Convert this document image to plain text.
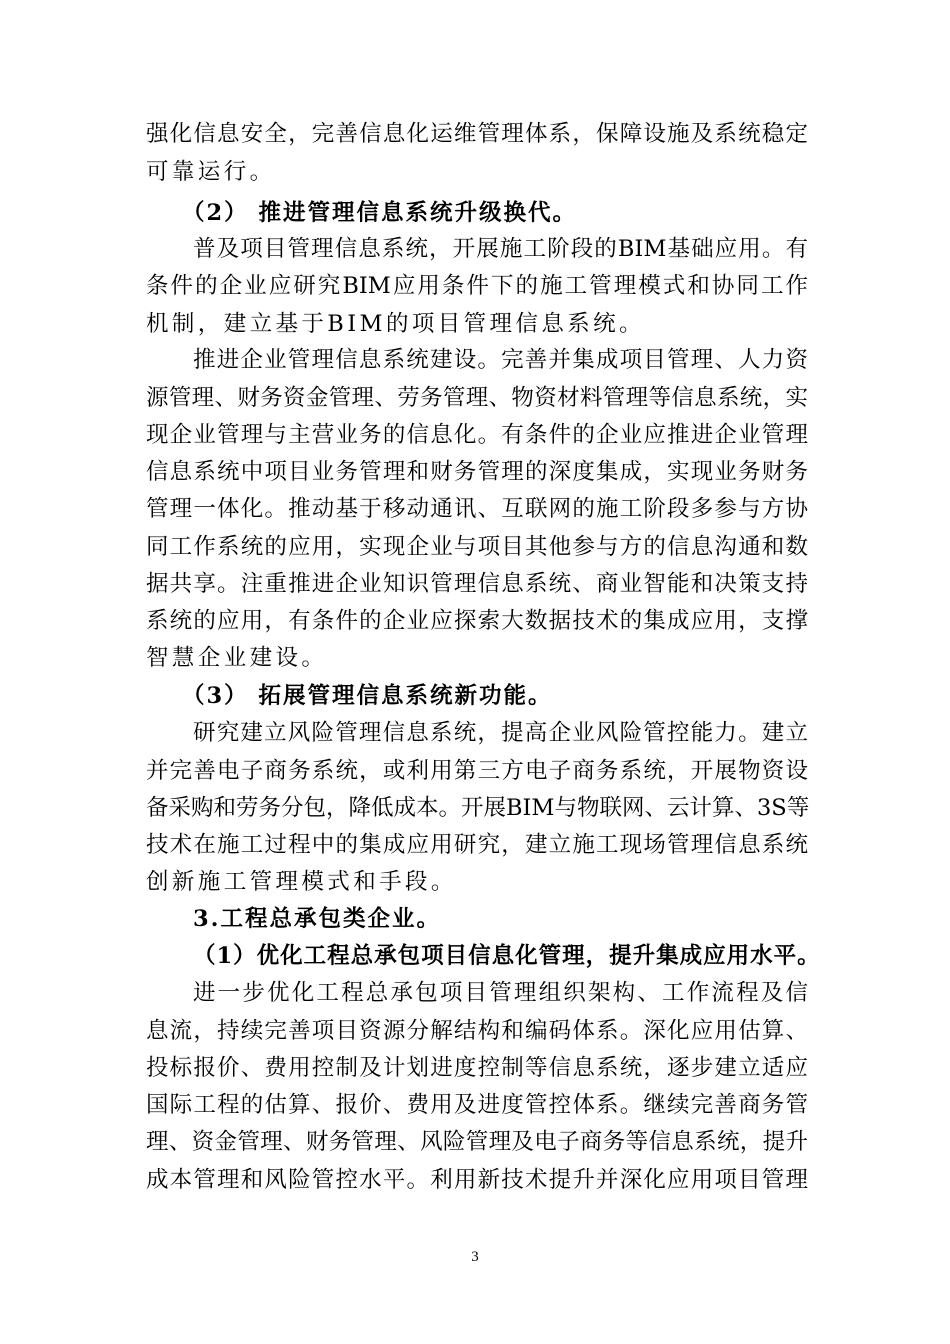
强化信息安全，完善信息化运维管理体系，保障设施及系统稳定
可靠运行。
（2） 推进管理信息系统升级换代。
普及项目管理信息系统，开展施工阶段的BIM基础应用。有
条件的企业应研究BIM应用条件下的施工管理模式和协同工作
机制，建立基于BIM的项目管理信息系统。
推进企业管理信息系统建设。完善并集成项目管理、人力资
源管理、财务资金管理、劳务管理、物资材料管理等信息系统，实
现企业管理与主营业务的信息化。有条件的企业应推进企业管理
信息系统中项目业务管理和财务管理的深度集成，实现业务财务
管理一体化。推动基于移动通讯、互联网的施工阶段多参与方协
同工作系统的应用，实现企业与项目其他参与方的信息沟通和数
据共享。注重推进企业知识管理信息系统、商业智能和决策支持
系统的应用，有条件的企业应探索大数据技术的集成应用，支撑
智慧企业建设。
（3） 拓展管理信息系统新功能。
研究建立风险管理信息系统，提高企业风险管控能力。建立
并完善电子商务系统，或利用第三方电子商务系统，开展物资设
备采购和劳务分包，降低成本。开展BIM与物联网、云计算、3S等
技术在施工过程中的集成应用研究，建立施工现场管理信息系统
创新施工管理模式和手段。
3.工程总承包类企业。
（1）优化工程总承包项目信息化管理，提升集成应用水平。
进一步优化工程总承包项目管理组织架构、工作流程及信
息流，持续完善项目资源分解结构和编码体系。深化应用估算、
投标报价、费用控制及计划进度控制等信息系统，逐步建立适应
国际工程的估算、报价、费用及进度管控体系。继续完善商务管
理、资金管理、财务管理、风险管理及电子商务等信息系统，提升
成本管理和风险管控水平。利用新技术提升并深化应用项目管理
3
